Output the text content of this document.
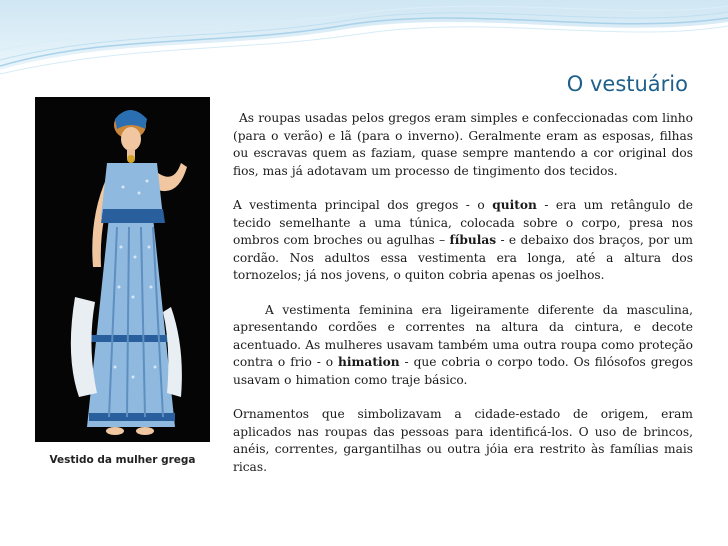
O vestuário
Vestido da mulher grega

As roupas usadas pelos gregos eram simples e confeccionadas com linho (para o verão) e lã (para o inverno). Geralmente eram as esposas, filhas ou escravas quem as faziam, quase sempre mantendo a cor original dos fios, mas já adotavam um processo de tingimento dos tecidos.

A vestimenta principal dos gregos - o quiton - era um retângulo de tecido semelhante a uma túnica, colocada sobre o corpo, presa nos ombros com broches ou agulhas – fíbulas - e debaixo dos braços, por um cordão. Nos adultos essa vestimenta era longa, até a altura dos tornozelos; já nos jovens, o quiton cobria apenas os joelhos.

A vestimenta feminina era ligeiramente diferente da masculina, apresentando cordões e correntes na altura da cintura, e decote acentuado. As mulheres usavam também uma outra roupa como proteção contra o frio - o himation - que cobria o corpo todo. Os filósofos gregos usavam o himation como traje básico.

Ornamentos que simbolizavam a cidade-estado de origem, eram aplicados nas roupas das pessoas para identificá-los. O uso de brincos, anéis, correntes, gargantilhas ou outra jóia era restrito às famílias mais ricas.
